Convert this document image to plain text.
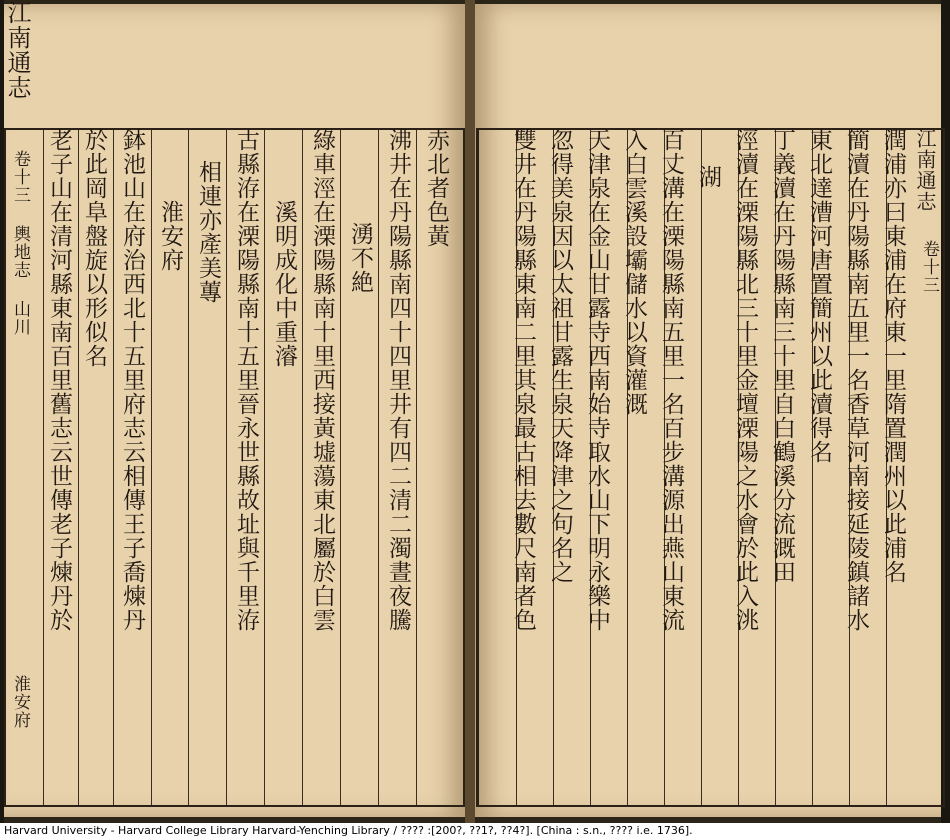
江南通志
卷十三 輿地志 山川
淮安府
赤北者色黃
沸井在丹陽縣南四十四里井有四二清二濁晝夜騰
湧不絶
綠車涇在溧陽縣南十里西接黃墟蕩東北屬於白雲
溪明成化中重濬
古縣洊在溧陽縣南十五里晉永世縣故址與千里洊
相連亦產美蓴
淮安府
鉢池山在府治西北十五里府志云相傳王子喬煉丹
於此岡阜盤旋以形似名
老子山在清河縣東南百里舊志云世傳老子煉丹於	潤浦亦曰東浦在府東一里隋置潤州以此浦名
簡瀆在丹陽縣南五里一名香草河南接延陵鎮諸水
東北達漕河唐置簡州以此瀆得名
丁義瀆在丹陽縣南三十里自白鶴溪分流溉田
涇瀆在溧陽縣北三十里金壇溧陽之水會於此入洮
湖
百丈溝在溧陽縣南五里一名百步溝源出燕山東流
入白雲溪設壩儲水以資灌溉
天津泉在金山甘露寺西南始寺取水山下明永樂中
忽得美泉因以太祖甘露生泉天降津之句名之
雙井在丹陽縣東南二里其泉最古相去數尺南者色	江南通志
卷十三
Harvard University - Harvard College Library Harvard-Yenching Library / ???? :[200?, ??1?, ??4?]. [China : s.n., ???? i.e. 1736].
